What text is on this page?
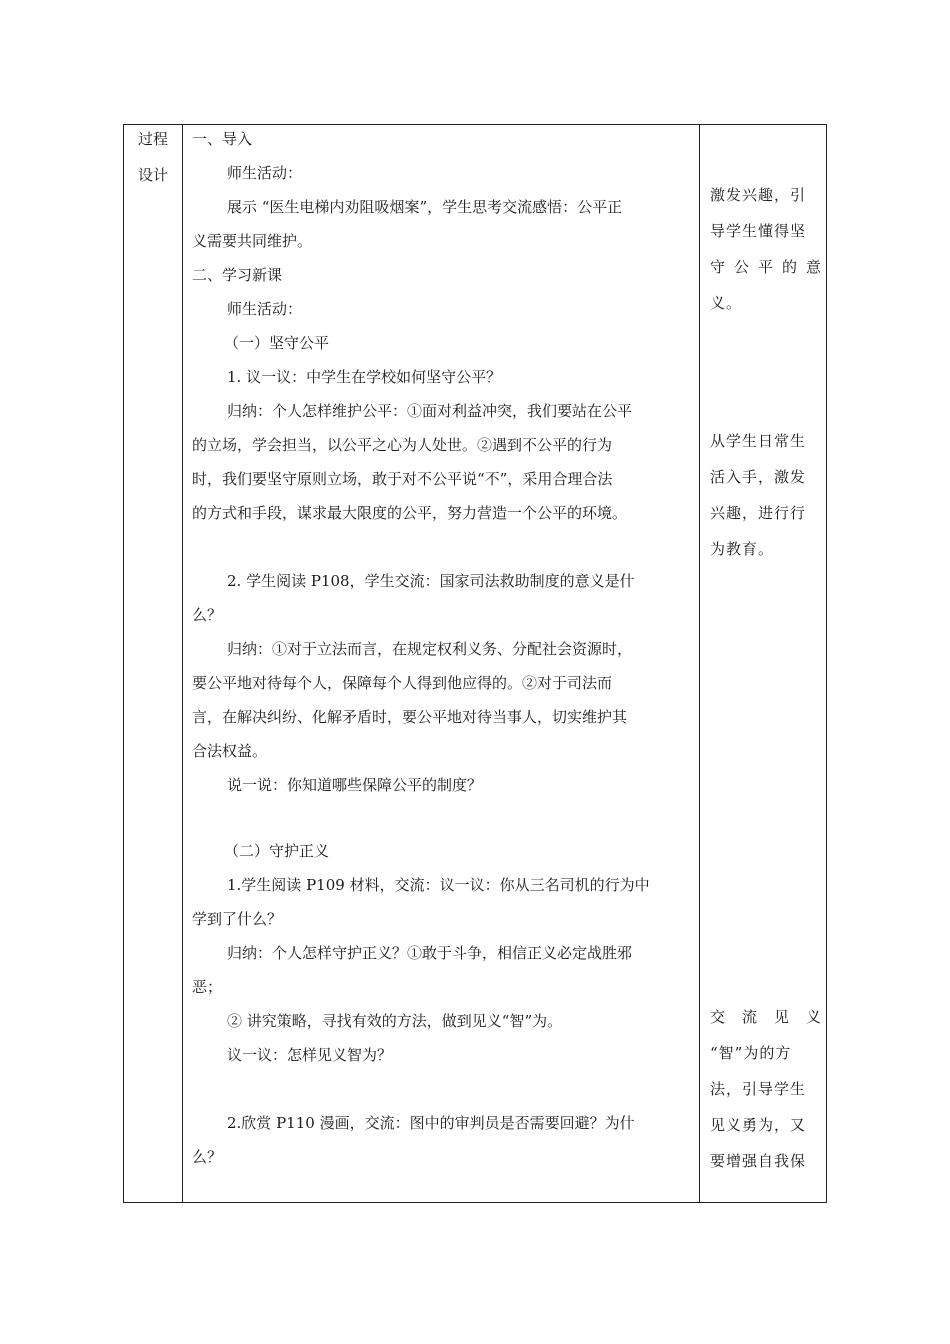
过程
设计
一、导入
师生活动：
展示 “医生电梯内劝阻吸烟案”，学生思考交流感悟：公平正
义需要共同维护。
二、学习新课
师生活动：
（一）坚守公平
1. 议一议：中学生在学校如何坚守公平？
归纳：个人怎样维护公平：①面对利益冲突，我们要站在公平
的立场，学会担当，以公平之心为人处世。②遇到不公平的行为
时，我们要坚守原则立场，敢于对不公平说“不”，采用合理合法
的方式和手段，谋求最大限度的公平，努力营造一个公平的环境。
2. 学生阅读 P108，学生交流：国家司法救助制度的意义是什
么？
归纳：①对于立法而言，在规定权利义务、分配社会资源时，
要公平地对待每个人，保障每个人得到他应得的。②对于司法而
言，在解决纠纷、化解矛盾时，要公平地对待当事人，切实维护其
合法权益。
说一说：你知道哪些保障公平的制度？
（二）守护正义
1.学生阅读 P109 材料，交流：议一议：你从三名司机的行为中
学到了什么？
归纳：个人怎样守护正义？①敢于斗争，相信正义必定战胜邪
恶；
② 讲究策略，寻找有效的方法，做到见义“智”为。
议一议：怎样见义智为？
2.欣赏 P110 漫画，交流：图中的审判员是否需要回避？为什
么？
激发兴趣，引
导学生懂得坚
守公平的意
义。
从学生日常生
活入手，激发
兴趣，进行行
为教育。
交流见义
“智”为的方
法，引导学生
见义勇为，又
要增强自我保
